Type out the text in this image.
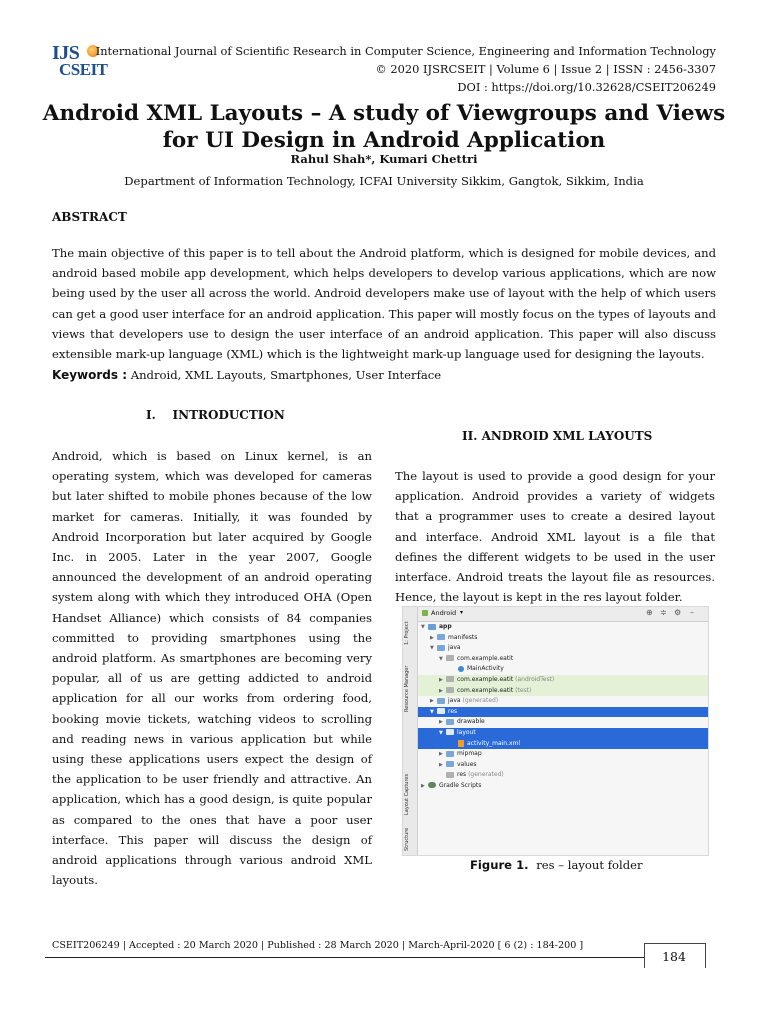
IJS
CSEIT
International Journal of Scientific Research in Computer Science, Engineering and Information Technology
© 2020 IJSRCSEIT | Volume 6 | Issue 2 | ISSN : 2456-3307
DOI : https://doi.org/10.32628/CSEIT206249
Android XML Layouts – A study of Viewgroups and Views for UI Design in Android Application
Rahul Shah*, Kumari Chettri
Department of Information Technology, ICFAI University Sikkim, Gangtok, Sikkim, India
ABSTRACT
The main objective of this paper is to tell about the Android platform, which is designed for mobile devices, and android based mobile app development, which helps developers to develop various applications, which are now being used by the user all across the world. Android developers make use of layout with the help of which users can get a good user interface for an android application. This paper will mostly focus on the types of layouts and views that developers use to design the user interface of an android application. This paper will also discuss extensible mark-up language (XML) which is the lightweight mark-up language used for designing the layouts.
Keywords : Android, XML Layouts, Smartphones, User Interface
I.    INTRODUCTION
Android, which is based on Linux kernel, is an operating system, which was developed for cameras but later shifted to mobile phones because of the low market for cameras. Initially, it was founded by Android Incorporation but later acquired by Google Inc. in 2005. Later in the year 2007, Google announced the development of an android operating system along with which they introduced OHA (Open Handset Alliance) which consists of 84 companies committed to providing smartphones using the android platform. As smartphones are becoming very popular, all of us are getting addicted to android application for all our works from ordering food, booking movie tickets, watching videos to scrolling and reading news in various application but while using these applications users expect the design of the application to be user friendly and attractive. An application, which has a good design, is quite popular as compared to the ones that have a poor user interface. This paper will discuss the design of android applications through various android XML layouts.
II. ANDROID XML LAYOUTS
The layout is used to provide a good design for your application. Android provides a variety of widgets that a programmer uses to create a desired layout and interface. Android XML layout is a file that defines the different widgets to be used in the user interface. Android treats the layout file as resources. Hence, the layout is kept in the res layout folder.
1: Project
Resource Manager
Layout Captures
Structure
Android ▾	⊕ ≑ ⚙ –
▼ app
▶ manifests
▼ java
▼ com.example.eatit
MainActivity
▶ com.example.eatit (androidTest)
▶ com.example.eatit (test)
▶ java (generated)
▼ res
▶ drawable
▼ layout
activity_main.xml
▶ mipmap
▶ values
res (generated)
▶ Gradle Scripts
Figure 1. res – layout folder
CSEIT206249 | Accepted : 20 March 2020 | Published : 28 March 2020 | March-April-2020 [ 6 (2) : 184-200 ]
184
